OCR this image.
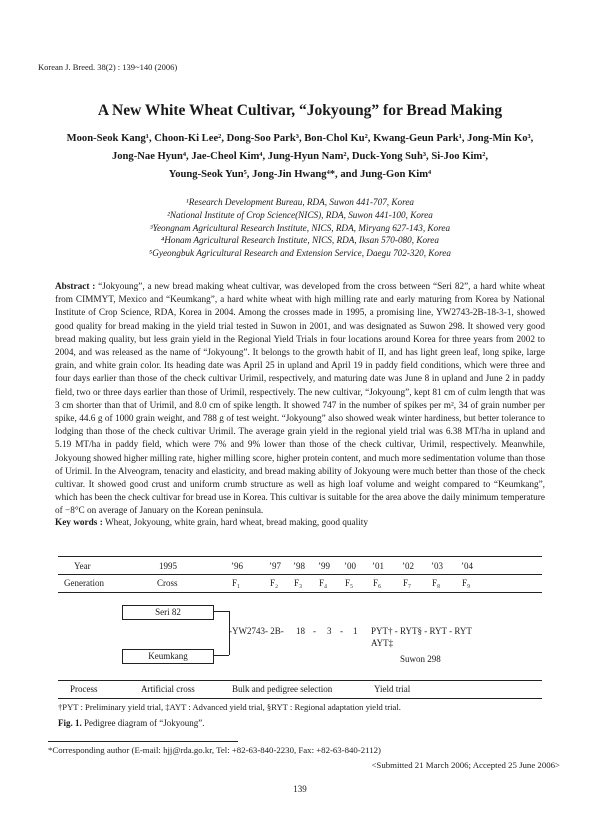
Korean J. Breed. 38(2) : 139~140 (2006)
A New White Wheat Cultivar, “Jokyoung” for Bread Making
Moon-Seok Kang¹, Choon-Ki Lee², Dong-Soo Park³, Bon-Chol Ku², Kwang-Geun Park¹, Jong-Min Ko³,
Jong-Nae Hyun⁴, Jae-Cheol Kim⁴, Jung-Hyun Nam², Duck-Yong Suh³, Si-Joo Kim²,
Young-Seok Yun⁵, Jong-Jin Hwang⁴*, and Jung-Gon Kim⁴
¹Research Development Bureau, RDA, Suwon 441-707, Korea
²National Institute of Crop Science(NICS), RDA, Suwon 441-100, Korea
³Yeongnam Agricultural Research Institute, NICS, RDA, Miryang 627-143, Korea
⁴Honam Agricultural Research Institute, NICS, RDA, Iksan 570-080, Korea
⁵Gyeongbuk Agricultural Research and Extension Service, Daegu 702-320, Korea
Abstract : “Jokyoung”, a new bread making wheat cultivar, was developed from the cross between “Seri 82”, a hard white wheat from CIMMYT, Mexico and “Keumkang”, a hard white wheat with high milling rate and early maturing from Korea by National Institute of Crop Science, RDA, Korea in 2004. Among the crosses made in 1995, a promising line, YW2743-2B-18-3-1, showed good quality for bread making in the yield trial tested in Suwon in 2001, and was designated as Suwon 298. It showed very good bread making quality, but less grain yield in the Regional Yield Trials in four locations around Korea for three years from 2002 to 2004, and was released as the name of “Jokyoung”. It belongs to the growth habit of II, and has light green leaf, long spike, large grain, and white grain color. Its heading date was April 25 in upland and April 19 in paddy field conditions, which were three and four days earlier than those of the check cultivar Urimil, respectively, and maturing date was June 8 in upland and June 2 in paddy field, two or three days earlier than those of Urimil, respectively. The new cultivar, “Jokyoung”, kept 81 cm of culm length that was 3 cm shorter than that of Urimil, and 8.0 cm of spike length. It showed 747 in the number of spikes per m², 34 of grain number per spike, 44.6 g of 1000 grain weight, and 788 g of test weight. “Jokyoung” also showed weak winter hardiness, but better tolerance to lodging than those of the check cultivar Urimil. The average grain yield in the regional yield trial was 6.38 MT/ha in upland and 5.19 MT/ha in paddy field, which were 7% and 9% lower than those of the check cultivar, Urimil, respectively. Meanwhile, Jokyoung showed higher milling rate, higher milling score, higher protein content, and much more sedimentation volume than those of Urimil. In the Alveogram, tenacity and elasticity, and bread making ability of Jokyoung were much better than those of the check cultivar. It showed good crust and uniform crumb structure as well as high loaf volume and weight compared to “Keumkang”, which has been the check cultivar for bread use in Korea. This cultivar is suitable for the area above the daily minimum temperature of −8°C on average of January on the Korean peninsula.
Key words : Wheat, Jokyoung, white grain, hard wheat, bread making, good quality
Year	1995	’96	’97 ’98 ’99 ’00 ’01 ’02 ’03 ’04
Generation	Cross	F₁	F₂ F₃ F₄ F₅ F₆ F₇ F₈ F₉
Seri 82
Keumkang
-YW2743- 2B- 18 - 3 - 1 PYT† - RYT§ - RYT - RYT
AYT‡
Suwon 298
Process	Artificial cross	Bulk and pedigree selection	Yield trial
†PYT : Preliminary yield trial, ‡AYT : Advanced yield trial, §RYT : Regional adaptation yield trial.
Fig. 1. Pedigree diagram of “Jokyoung”.
*Corresponding author (E-mail: hjj@rda.go.kr, Tel: +82-63-840-2230, Fax: +82-63-840-2112)
<Submitted 21 March 2006; Accepted 25 June 2006>
139
